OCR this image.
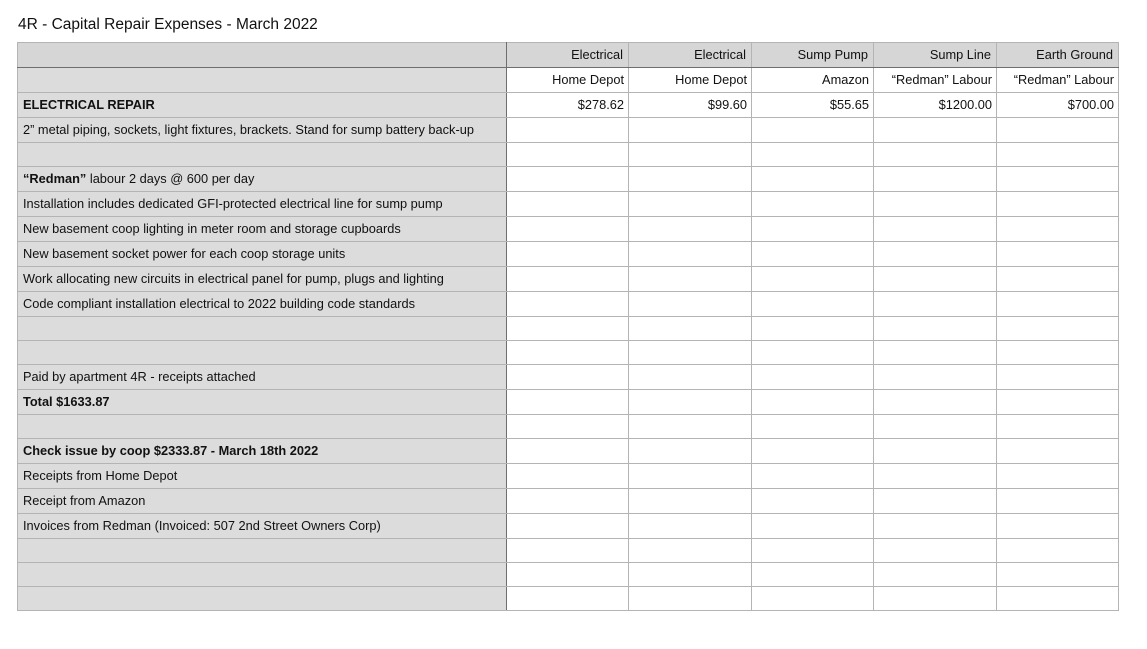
4R - Capital Repair Expenses - March 2022
	Electrical	Electrical	Sump Pump	Sump Line	Earth Ground
	Home Depot	Home Depot	Amazon	“Redman” Labour	“Redman” Labour
ELECTRICAL REPAIR	$278.62	$99.60	$55.65	$1200.00	$700.00
2” metal piping, sockets, light fixtures, brackets. Stand for sump battery back-up					

“Redman” labour 2 days @ 600 per day					
Installation includes dedicated GFI-protected electrical line for sump pump					
New basement coop lighting in meter room and storage cupboards					
New basement socket power for each coop storage units					
Work allocating new circuits in electrical panel for pump, plugs and lighting					
Code compliant installation electrical to 2022 building code standards					

Paid by apartment 4R - receipts attached					
Total $1633.87					

Check issue by coop $2333.87 - March 18th 2022					
Receipts from Home Depot					
Receipt from Amazon					
Invoices from Redman (Invoiced: 507 2nd Street Owners Corp)					
